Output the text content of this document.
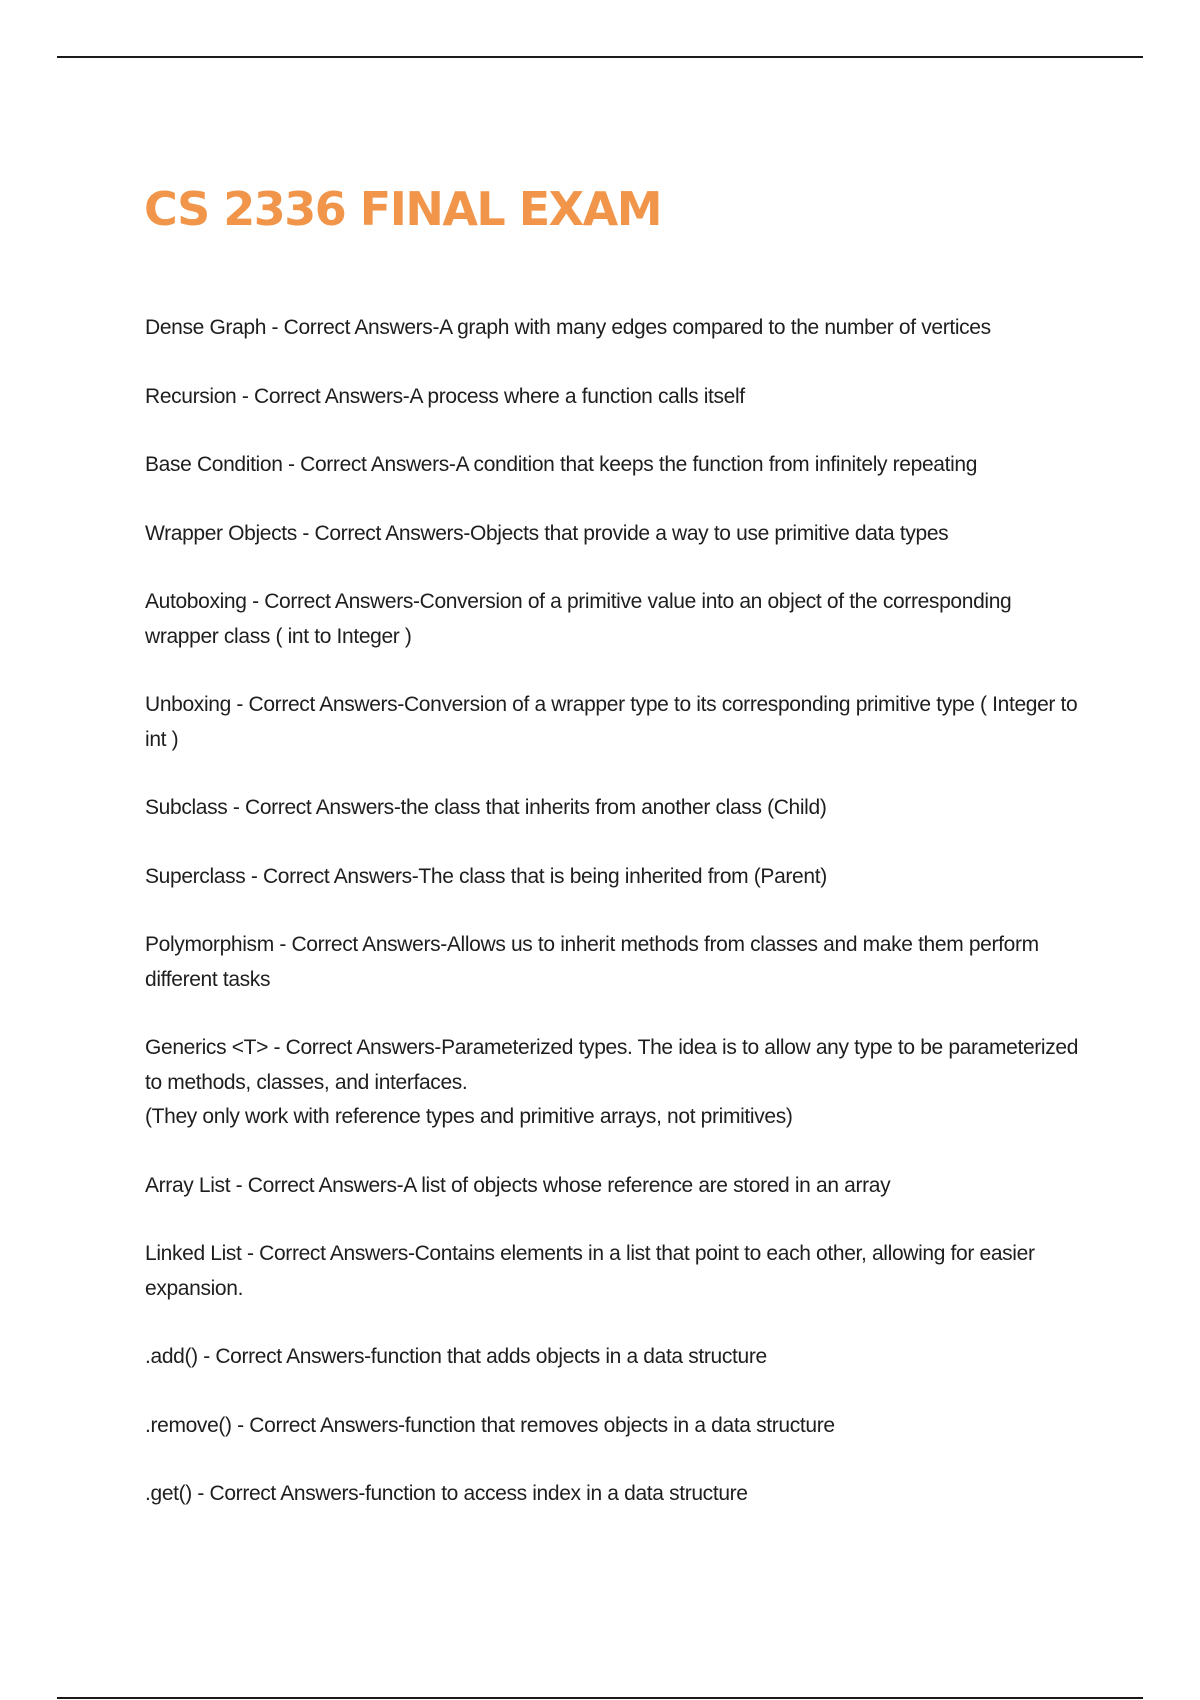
CS 2336 FINAL EXAM
Dense Graph - Correct Answers-A graph with many edges compared to the number of vertices
Recursion - Correct Answers-A process where a function calls itself
Base Condition - Correct Answers-A condition that keeps the function from infinitely repeating
Wrapper Objects - Correct Answers-Objects that provide a way to use primitive data types
Autoboxing - Correct Answers-Conversion of a primitive value into an object of the corresponding wrapper class ( int to Integer )
Unboxing - Correct Answers-Conversion of a wrapper type to its corresponding primitive type ( Integer to int )
Subclass - Correct Answers-the class that inherits from another class (Child)
Superclass - Correct Answers-The class that is being inherited from (Parent)
Polymorphism - Correct Answers-Allows us to inherit methods from classes and make them perform different tasks
Generics <T> - Correct Answers-Parameterized types. The idea is to allow any type to be parameterized to methods, classes, and interfaces.
(They only work with reference types and primitive arrays, not primitives)
Array List - Correct Answers-A list of objects whose reference are stored in an array
Linked List - Correct Answers-Contains elements in a list that point to each other, allowing for easier expansion.
.add() - Correct Answers-function that adds objects in a data structure
.remove() - Correct Answers-function that removes objects in a data structure
.get() - Correct Answers-function to access index in a data structure
